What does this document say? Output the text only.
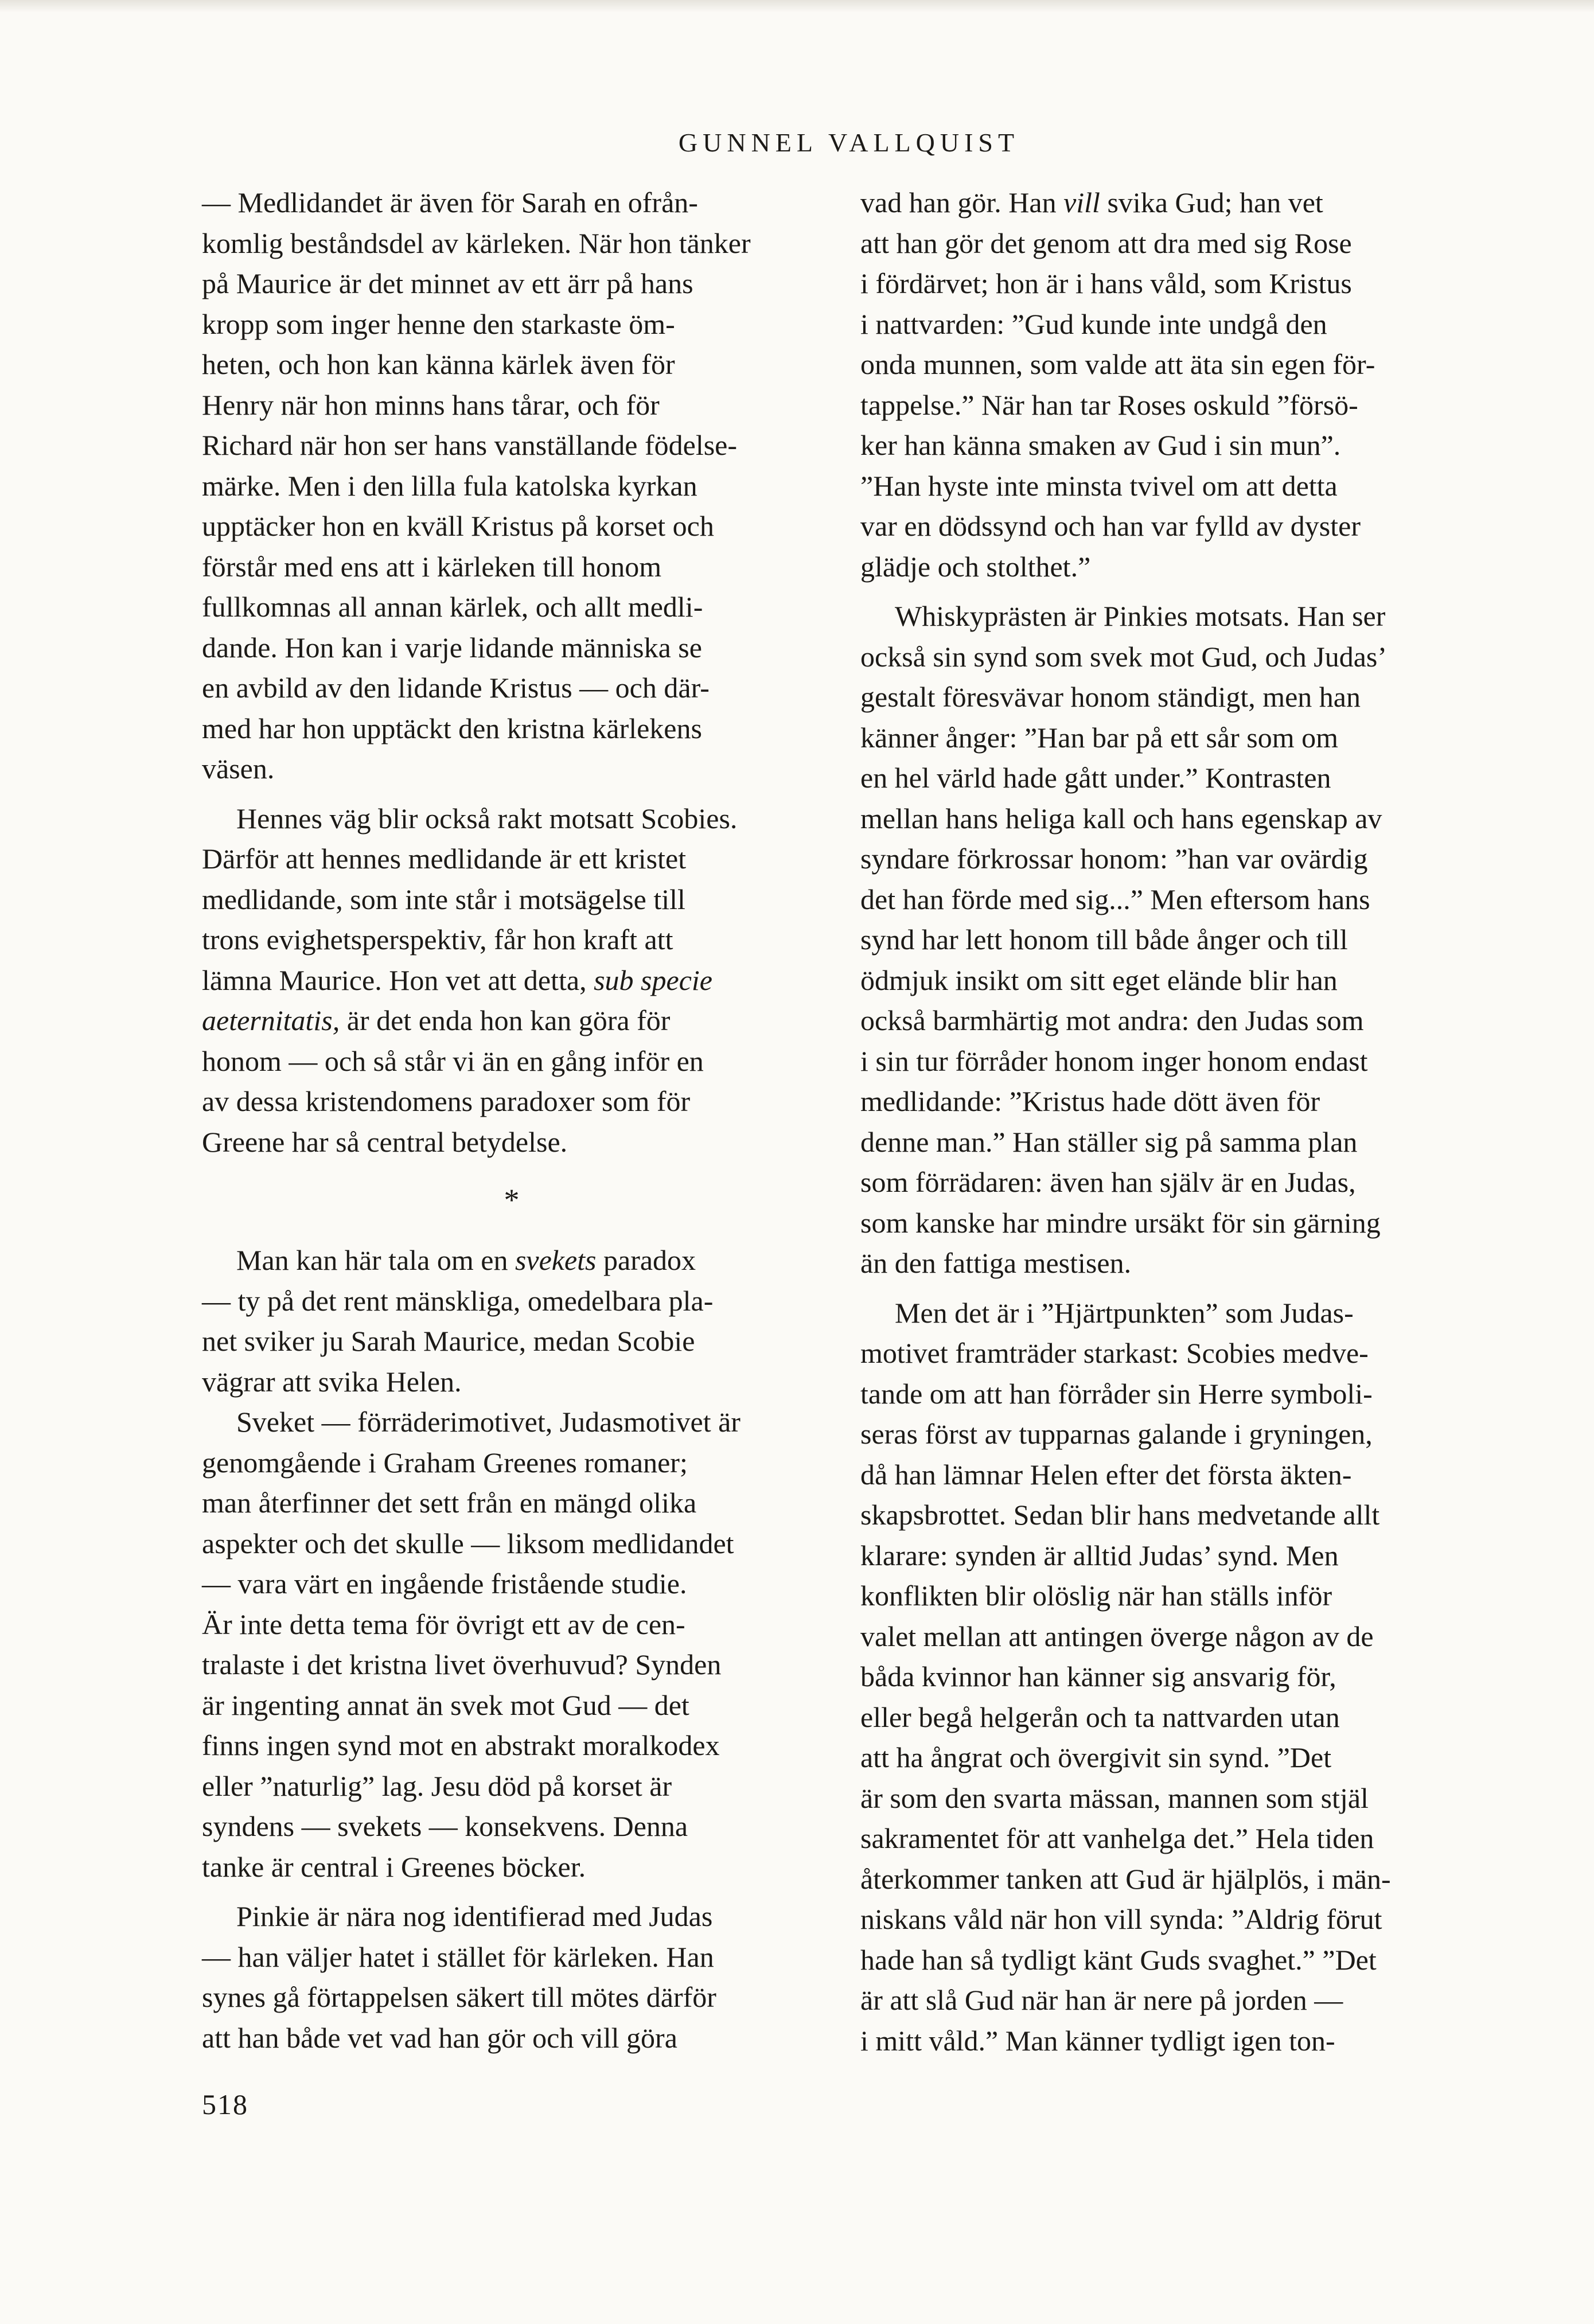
GUNNEL VALLQUIST

— Medlidandet är även för Sarah en ofrån-
komlig beståndsdel av kärleken. När hon tänker
på Maurice är det minnet av ett ärr på hans
kropp som inger henne den starkaste öm-
heten, och hon kan känna kärlek även för
Henry när hon minns hans tårar, och för
Richard när hon ser hans vanställande födelse-
märke. Men i den lilla fula katolska kyrkan
upptäcker hon en kväll Kristus på korset och
förstår med ens att i kärleken till honom
fullkomnas all annan kärlek, och allt medli-
dande. Hon kan i varje lidande människa se
en avbild av den lidande Kristus — och där-
med har hon upptäckt den kristna kärlekens
väsen.

Hennes väg blir också rakt motsatt Scobies.
Därför att hennes medlidande är ett kristet
medlidande, som inte står i motsägelse till
trons evighetsperspektiv, får hon kraft att
lämna Maurice. Hon vet att detta, sub specie
aeternitatis, är det enda hon kan göra för
honom — och så står vi än en gång inför en
av dessa kristendomens paradoxer som för
Greene har så central betydelse.

*

Man kan här tala om en svekets paradox
— ty på det rent mänskliga, omedelbara pla-
net sviker ju Sarah Maurice, medan Scobie
vägrar att svika Helen.

Sveket — förräderimotivet, Judasmotivet är
genomgående i Graham Greenes romaner;
man återfinner det sett från en mängd olika
aspekter och det skulle — liksom medlidandet
— vara värt en ingående fristående studie.
Är inte detta tema för övrigt ett av de cen-
tralaste i det kristna livet överhuvud? Synden
är ingenting annat än svek mot Gud — det
finns ingen synd mot en abstrakt moralkodex
eller ”naturlig” lag. Jesu död på korset är
syndens — svekets — konsekvens. Denna
tanke är central i Greenes böcker.

Pinkie är nära nog identifierad med Judas
— han väljer hatet i stället för kärleken. Han
synes gå förtappelsen säkert till mötes därför
att han både vet vad han gör och vill göra

vad han gör. Han vill svika Gud; han vet
att han gör det genom att dra med sig Rose
i fördärvet; hon är i hans våld, som Kristus
i nattvarden: ”Gud kunde inte undgå den
onda munnen, som valde att äta sin egen för-
tappelse.” När han tar Roses oskuld ”försö-
ker han känna smaken av Gud i sin mun”.
”Han hyste inte minsta tvivel om att detta
var en dödssynd och han var fylld av dyster
glädje och stolthet.”

Whiskyprästen är Pinkies motsats. Han ser
också sin synd som svek mot Gud, och Judas’
gestalt föresvävar honom ständigt, men han
känner ånger: ”Han bar på ett sår som om
en hel värld hade gått under.” Kontrasten
mellan hans heliga kall och hans egenskap av
syndare förkrossar honom: ”han var ovärdig
det han förde med sig...” Men eftersom hans
synd har lett honom till både ånger och till
ödmjuk insikt om sitt eget elände blir han
också barmhärtig mot andra: den Judas som
i sin tur förråder honom inger honom endast
medlidande: ”Kristus hade dött även för
denne man.” Han ställer sig på samma plan
som förrädaren: även han själv är en Judas,
som kanske har mindre ursäkt för sin gärning
än den fattiga mestisen.

Men det är i ”Hjärtpunkten” som Judas-
motivet framträder starkast: Scobies medve-
tande om att han förråder sin Herre symboli-
seras först av tupparnas galande i gryningen,
då han lämnar Helen efter det första äkten-
skapsbrottet. Sedan blir hans medvetande allt
klarare: synden är alltid Judas’ synd. Men
konflikten blir olöslig när han ställs inför
valet mellan att antingen överge någon av de
båda kvinnor han känner sig ansvarig för,
eller begå helgerån och ta nattvarden utan
att ha ångrat och övergivit sin synd. ”Det
är som den svarta mässan, mannen som stjäl
sakramentet för att vanhelga det.” Hela tiden
återkommer tanken att Gud är hjälplös, i män-
niskans våld när hon vill synda: ”Aldrig förut
hade han så tydligt känt Guds svaghet.” ”Det
är att slå Gud när han är nere på jorden —
i mitt våld.” Man känner tydligt igen ton-

518
